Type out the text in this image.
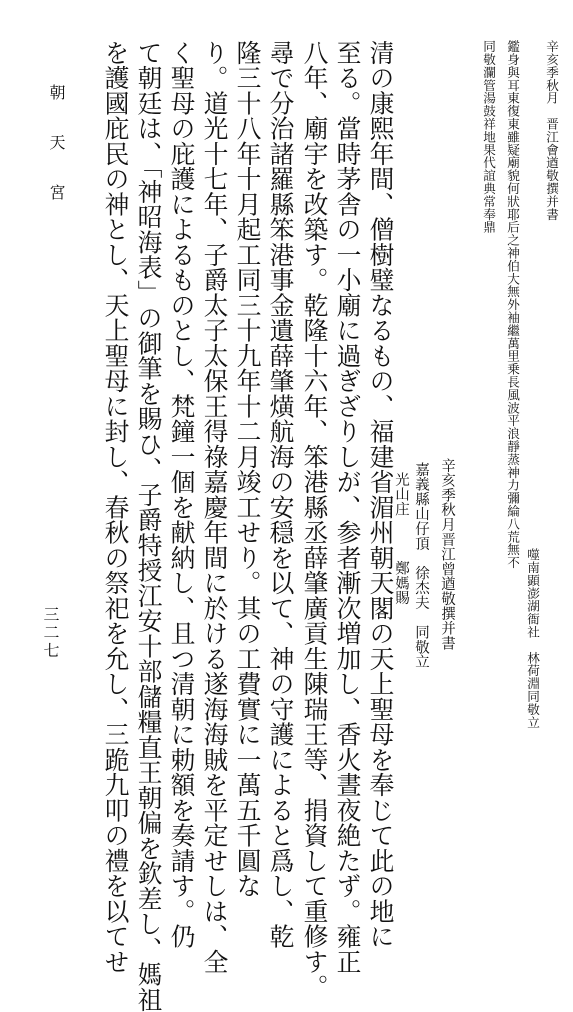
辛亥季秋月　晋江會遒敬撰并書
鑑身與耳東復東雖疑廟貌何狀耶后之神伯大無外袖繼萬里乗長風波平浪靜蒸神力彌綸八荒無不
同敬瀾管湯鼓祥地果代誼典常奉鼎
噬南顕澎湖衙社　林荷淵同敬立
辛亥季秋月晋江曾遒敬撰并書
嘉義縣山仔頂　徐杰夫　同敬立
光山庄　　　鄭媽賜
清の康熙年間、僧樹璧なるもの、福建省湄州朝天閣の天上聖母を奉じて此の地に
至る。當時茅舎の一小廟に過ぎざりしが、参者漸次増加し、香火晝夜絶たず。雍正
八年、廟宇を改築す。乾隆十六年、笨港縣丞薛肇廣貢生陳瑞王等、捐資して重修す。
尋で分治諸羅縣笨港事金遺薛肇熿航海の安穏を以て、神の守護によると爲し、乾
隆三十八年十月起工同三十九年十二月竣工せり。其の工費實に一萬五千圓な
り。道光十七年、子爵太子太保王得祿嘉慶年間に於ける遂海海賊を平定せしは、全
く聖母の庇護によるものとし、梵鐘一個を献納し、且つ清朝に勅額を奏請す。仍
て朝廷は、「神昭海表」の御筆を賜ひ、子爵特授江安十部儲糧直王朝偏を欽差し、媽祖
を護國庇民の神とし、天上聖母に封し、春秋の祭祀を允し、三跪九叩の禮を以てせ
朝天宮
三二七
